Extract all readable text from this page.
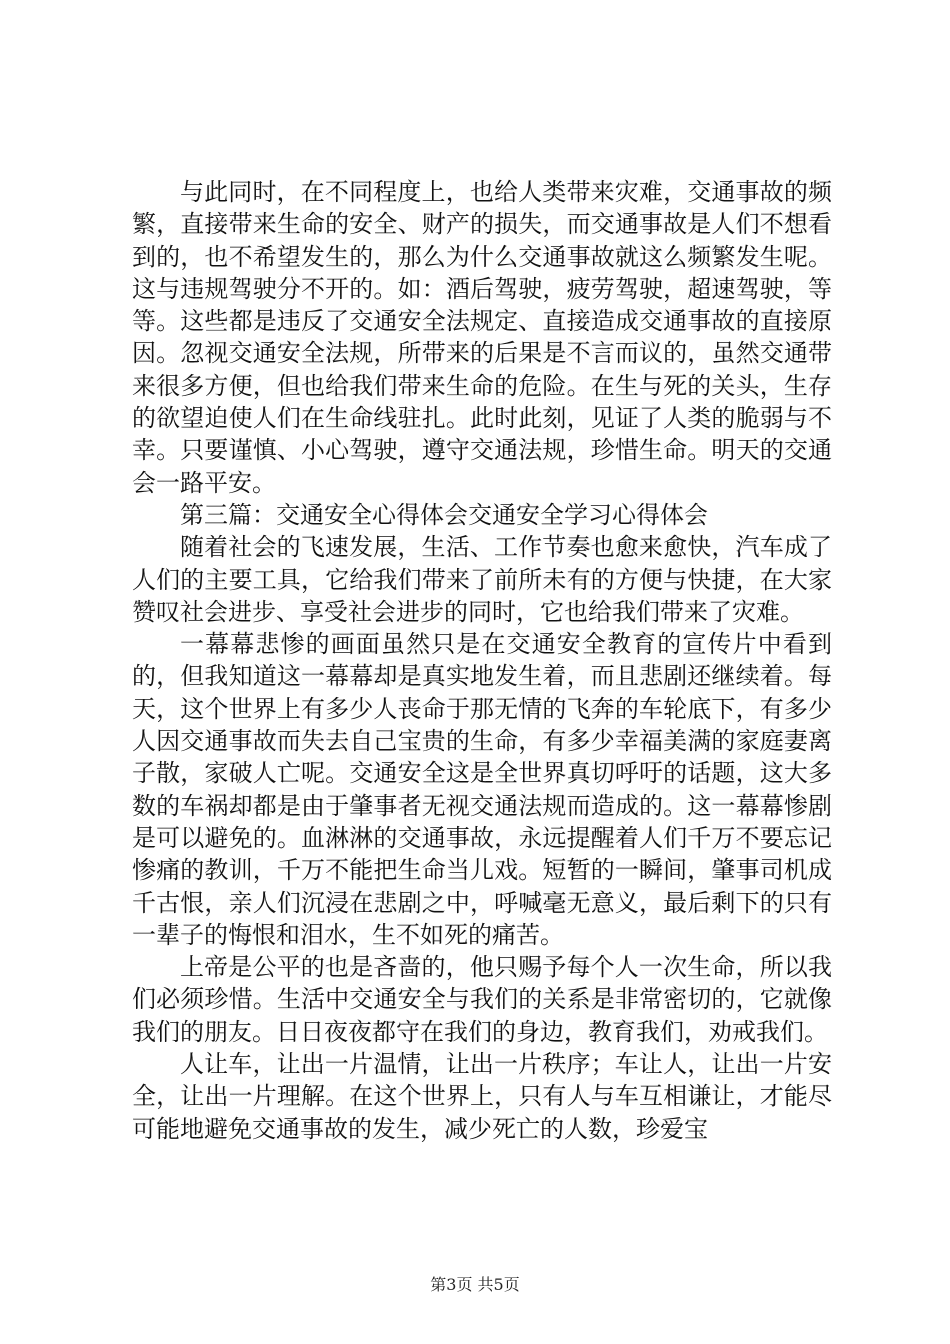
与此同时，在不同程度上，也给人类带来灾难，交通事故的频繁，直接带来生命的安全、财产的损失，而交通事故是人们不想看到的，也不希望发生的，那么为什么交通事故就这么频繁发生呢。这与违规驾驶分不开的。如：酒后驾驶，疲劳驾驶，超速驾驶，等等。这些都是违反了交通安全法规定、直接造成交通事故的直接原因。忽视交通安全法规，所带来的后果是不言而议的，虽然交通带来很多方便，但也给我们带来生命的危险。在生与死的关头，生存的欲望迫使人们在生命线驻扎。此时此刻，见证了人类的脆弱与不幸。只要谨慎、小心驾驶，遵守交通法规，珍惜生命。明天的交通会一路平安。

第三篇：交通安全心得体会交通安全学习心得体会

随着社会的飞速发展，生活、工作节奏也愈来愈快，汽车成了人们的主要工具，它给我们带来了前所未有的方便与快捷，在大家赞叹社会进步、享受社会进步的同时，它也给我们带来了灾难。

一幕幕悲惨的画面虽然只是在交通安全教育的宣传片中看到的，但我知道这一幕幕却是真实地发生着，而且悲剧还继续着。每天，这个世界上有多少人丧命于那无情的飞奔的车轮底下，有多少人因交通事故而失去自己宝贵的生命，有多少幸福美满的家庭妻离子散，家破人亡呢。交通安全这是全世界真切呼吁的话题，这大多数的车祸却都是由于肇事者无视交通法规而造成的。这一幕幕惨剧是可以避免的。血淋淋的交通事故，永远提醒着人们千万不要忘记惨痛的教训，千万不能把生命当儿戏。短暂的一瞬间，肇事司机成千古恨，亲人们沉浸在悲剧之中，呼喊毫无意义，最后剩下的只有一辈子的悔恨和泪水，生不如死的痛苦。

上帝是公平的也是吝啬的，他只赐予每个人一次生命，所以我们必须珍惜。生活中交通安全与我们的关系是非常密切的，它就像我们的朋友。日日夜夜都守在我们的身边，教育我们，劝戒我们。

人让车，让出一片温情，让出一片秩序；车让人，让出一片安全，让出一片理解。在这个世界上，只有人与车互相谦让，才能尽可能地避免交通事故的发生，减少死亡的人数，珍爱宝

第3页 共5页
